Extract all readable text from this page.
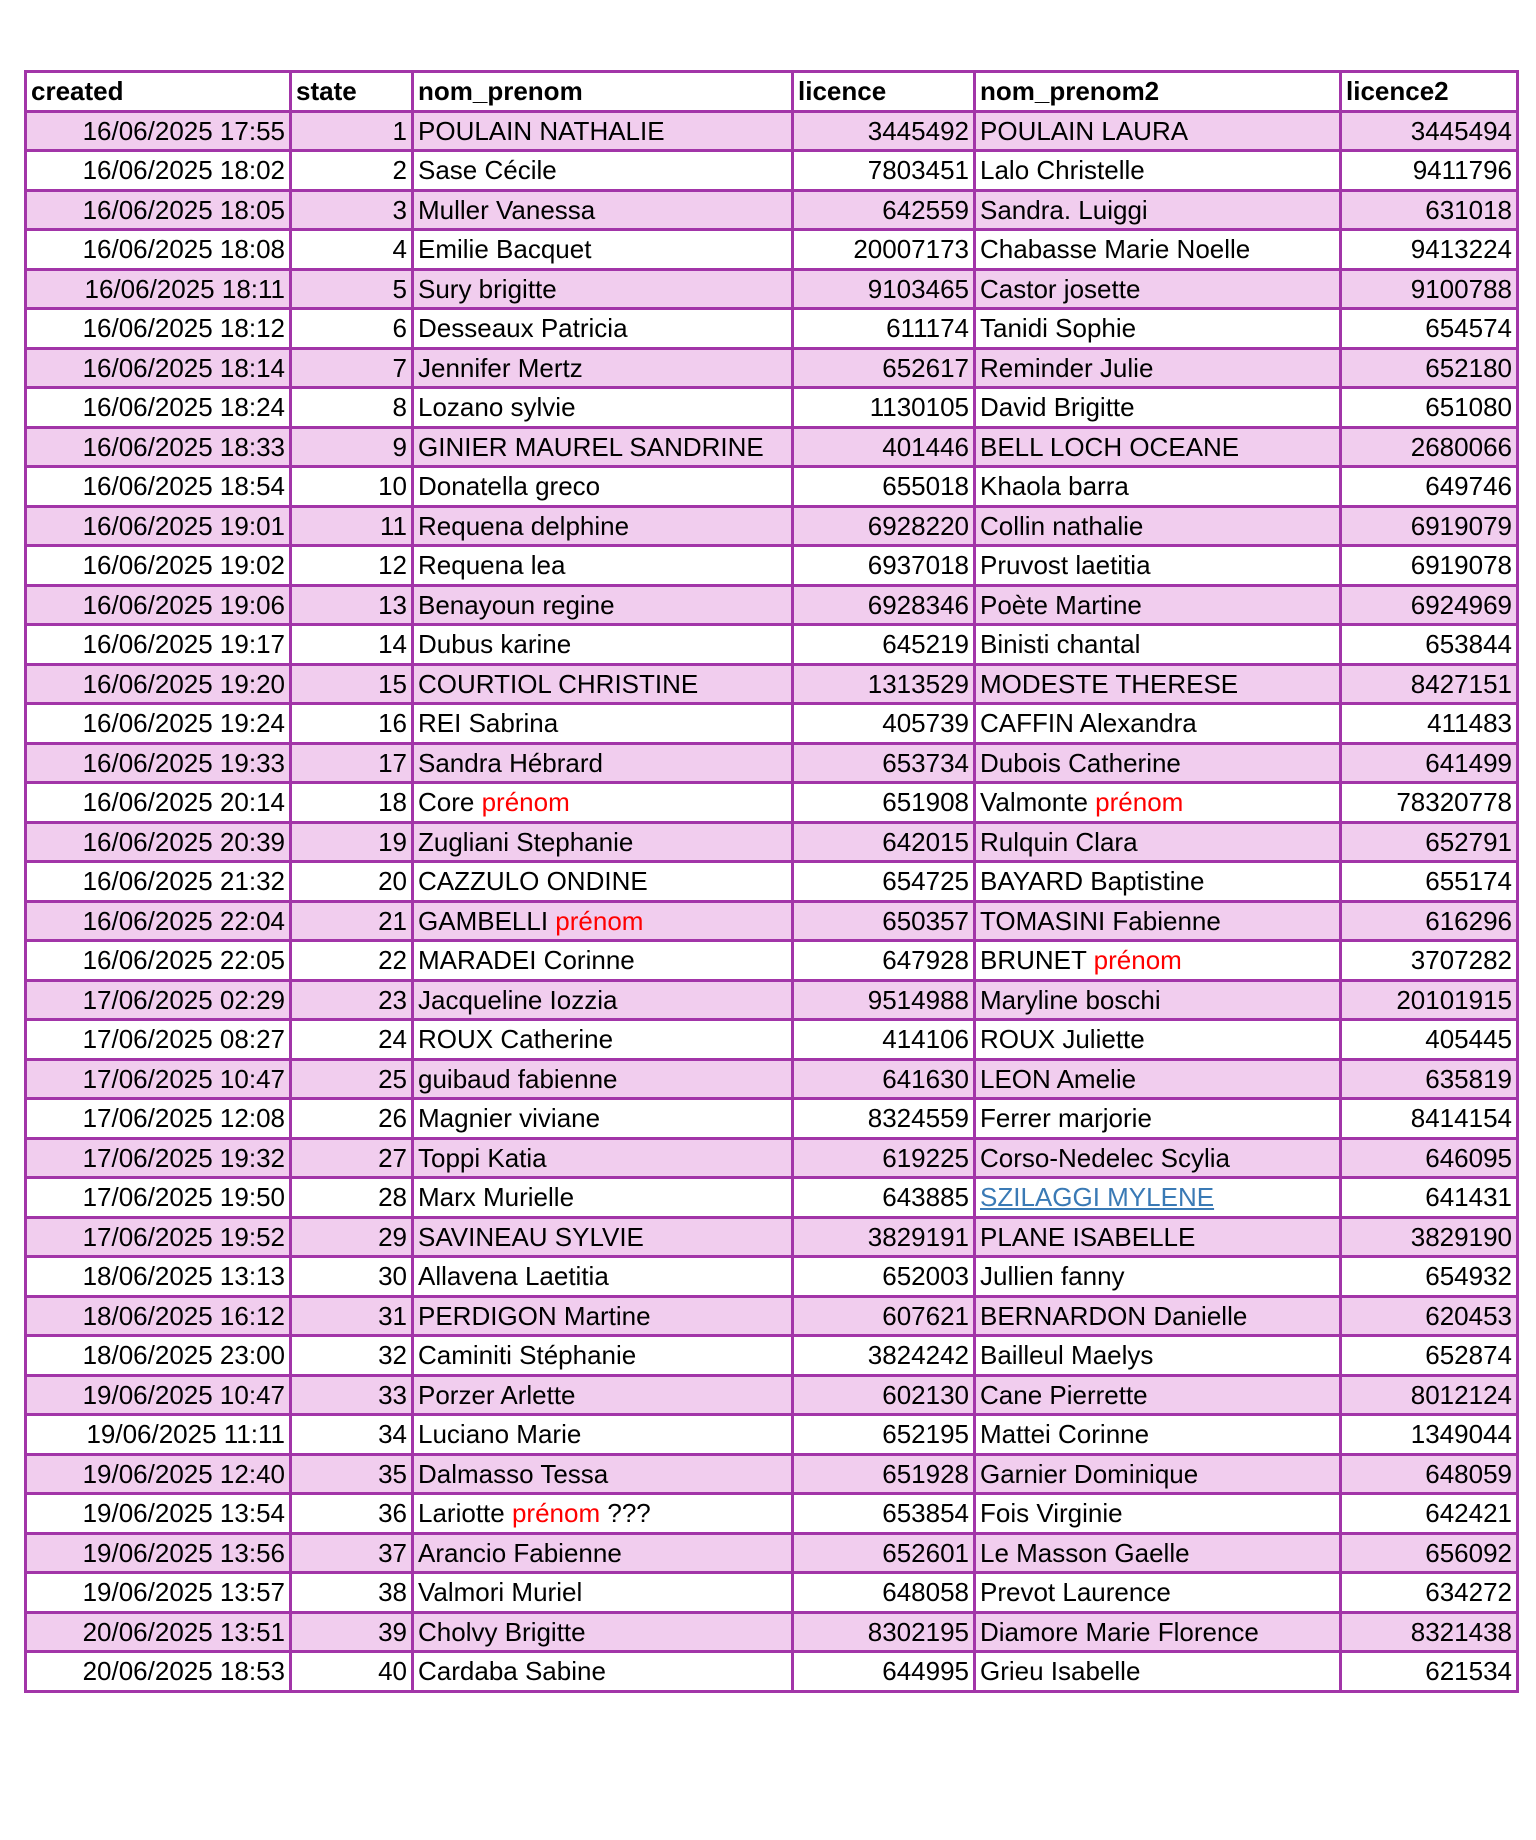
created	state	nom_prenom	licence	nom_prenom2	licence2
16/06/2025 17:55	1	POULAIN NATHALIE	3445492	POULAIN LAURA	3445494
16/06/2025 18:02	2	Sase Cécile	7803451	Lalo Christelle	9411796
16/06/2025 18:05	3	Muller Vanessa	642559	Sandra. Luiggi	631018
16/06/2025 18:08	4	Emilie Bacquet	20007173	Chabasse Marie Noelle	9413224
16/06/2025 18:11	5	Sury brigitte	9103465	Castor josette	9100788
16/06/2025 18:12	6	Desseaux Patricia	611174	Tanidi Sophie	654574
16/06/2025 18:14	7	Jennifer Mertz	652617	Reminder Julie	652180
16/06/2025 18:24	8	Lozano sylvie	1130105	David Brigitte	651080
16/06/2025 18:33	9	GINIER MAUREL SANDRINE	401446	BELL LOCH OCEANE	2680066
16/06/2025 18:54	10	Donatella greco	655018	Khaola barra	649746
16/06/2025 19:01	11	Requena delphine	6928220	Collin nathalie	6919079
16/06/2025 19:02	12	Requena lea	6937018	Pruvost laetitia	6919078
16/06/2025 19:06	13	Benayoun regine	6928346	Poète Martine	6924969
16/06/2025 19:17	14	Dubus karine	645219	Binisti chantal	653844
16/06/2025 19:20	15	COURTIOL CHRISTINE	1313529	MODESTE THERESE	8427151
16/06/2025 19:24	16	REI Sabrina	405739	CAFFIN Alexandra	411483
16/06/2025 19:33	17	Sandra Hébrard	653734	Dubois Catherine	641499
16/06/2025 20:14	18	Core prénom	651908	Valmonte prénom	78320778
16/06/2025 20:39	19	Zugliani Stephanie	642015	Rulquin Clara	652791
16/06/2025 21:32	20	CAZZULO ONDINE	654725	BAYARD Baptistine	655174
16/06/2025 22:04	21	GAMBELLI prénom	650357	TOMASINI Fabienne	616296
16/06/2025 22:05	22	MARADEI Corinne	647928	BRUNET prénom	3707282
17/06/2025 02:29	23	Jacqueline Iozzia	9514988	Maryline boschi	20101915
17/06/2025 08:27	24	ROUX Catherine	414106	ROUX Juliette	405445
17/06/2025 10:47	25	guibaud fabienne	641630	LEON Amelie	635819
17/06/2025 12:08	26	Magnier viviane	8324559	Ferrer marjorie	8414154
17/06/2025 19:32	27	Toppi Katia	619225	Corso-Nedelec Scylia	646095
17/06/2025 19:50	28	Marx Murielle	643885	SZILAGGI MYLENE	641431
17/06/2025 19:52	29	SAVINEAU SYLVIE	3829191	PLANE ISABELLE	3829190
18/06/2025 13:13	30	Allavena Laetitia	652003	Jullien fanny	654932
18/06/2025 16:12	31	PERDIGON Martine	607621	BERNARDON Danielle	620453
18/06/2025 23:00	32	Caminiti Stéphanie	3824242	Bailleul Maelys	652874
19/06/2025 10:47	33	Porzer Arlette	602130	Cane Pierrette	8012124
19/06/2025 11:11	34	Luciano Marie	652195	Mattei Corinne	1349044
19/06/2025 12:40	35	Dalmasso Tessa	651928	Garnier Dominique	648059
19/06/2025 13:54	36	Lariotte prénom ???	653854	Fois Virginie	642421
19/06/2025 13:56	37	Arancio Fabienne	652601	Le Masson Gaelle	656092
19/06/2025 13:57	38	Valmori Muriel	648058	Prevot Laurence	634272
20/06/2025 13:51	39	Cholvy Brigitte	8302195	Diamore Marie Florence	8321438
20/06/2025 18:53	40	Cardaba Sabine	644995	Grieu Isabelle	621534
